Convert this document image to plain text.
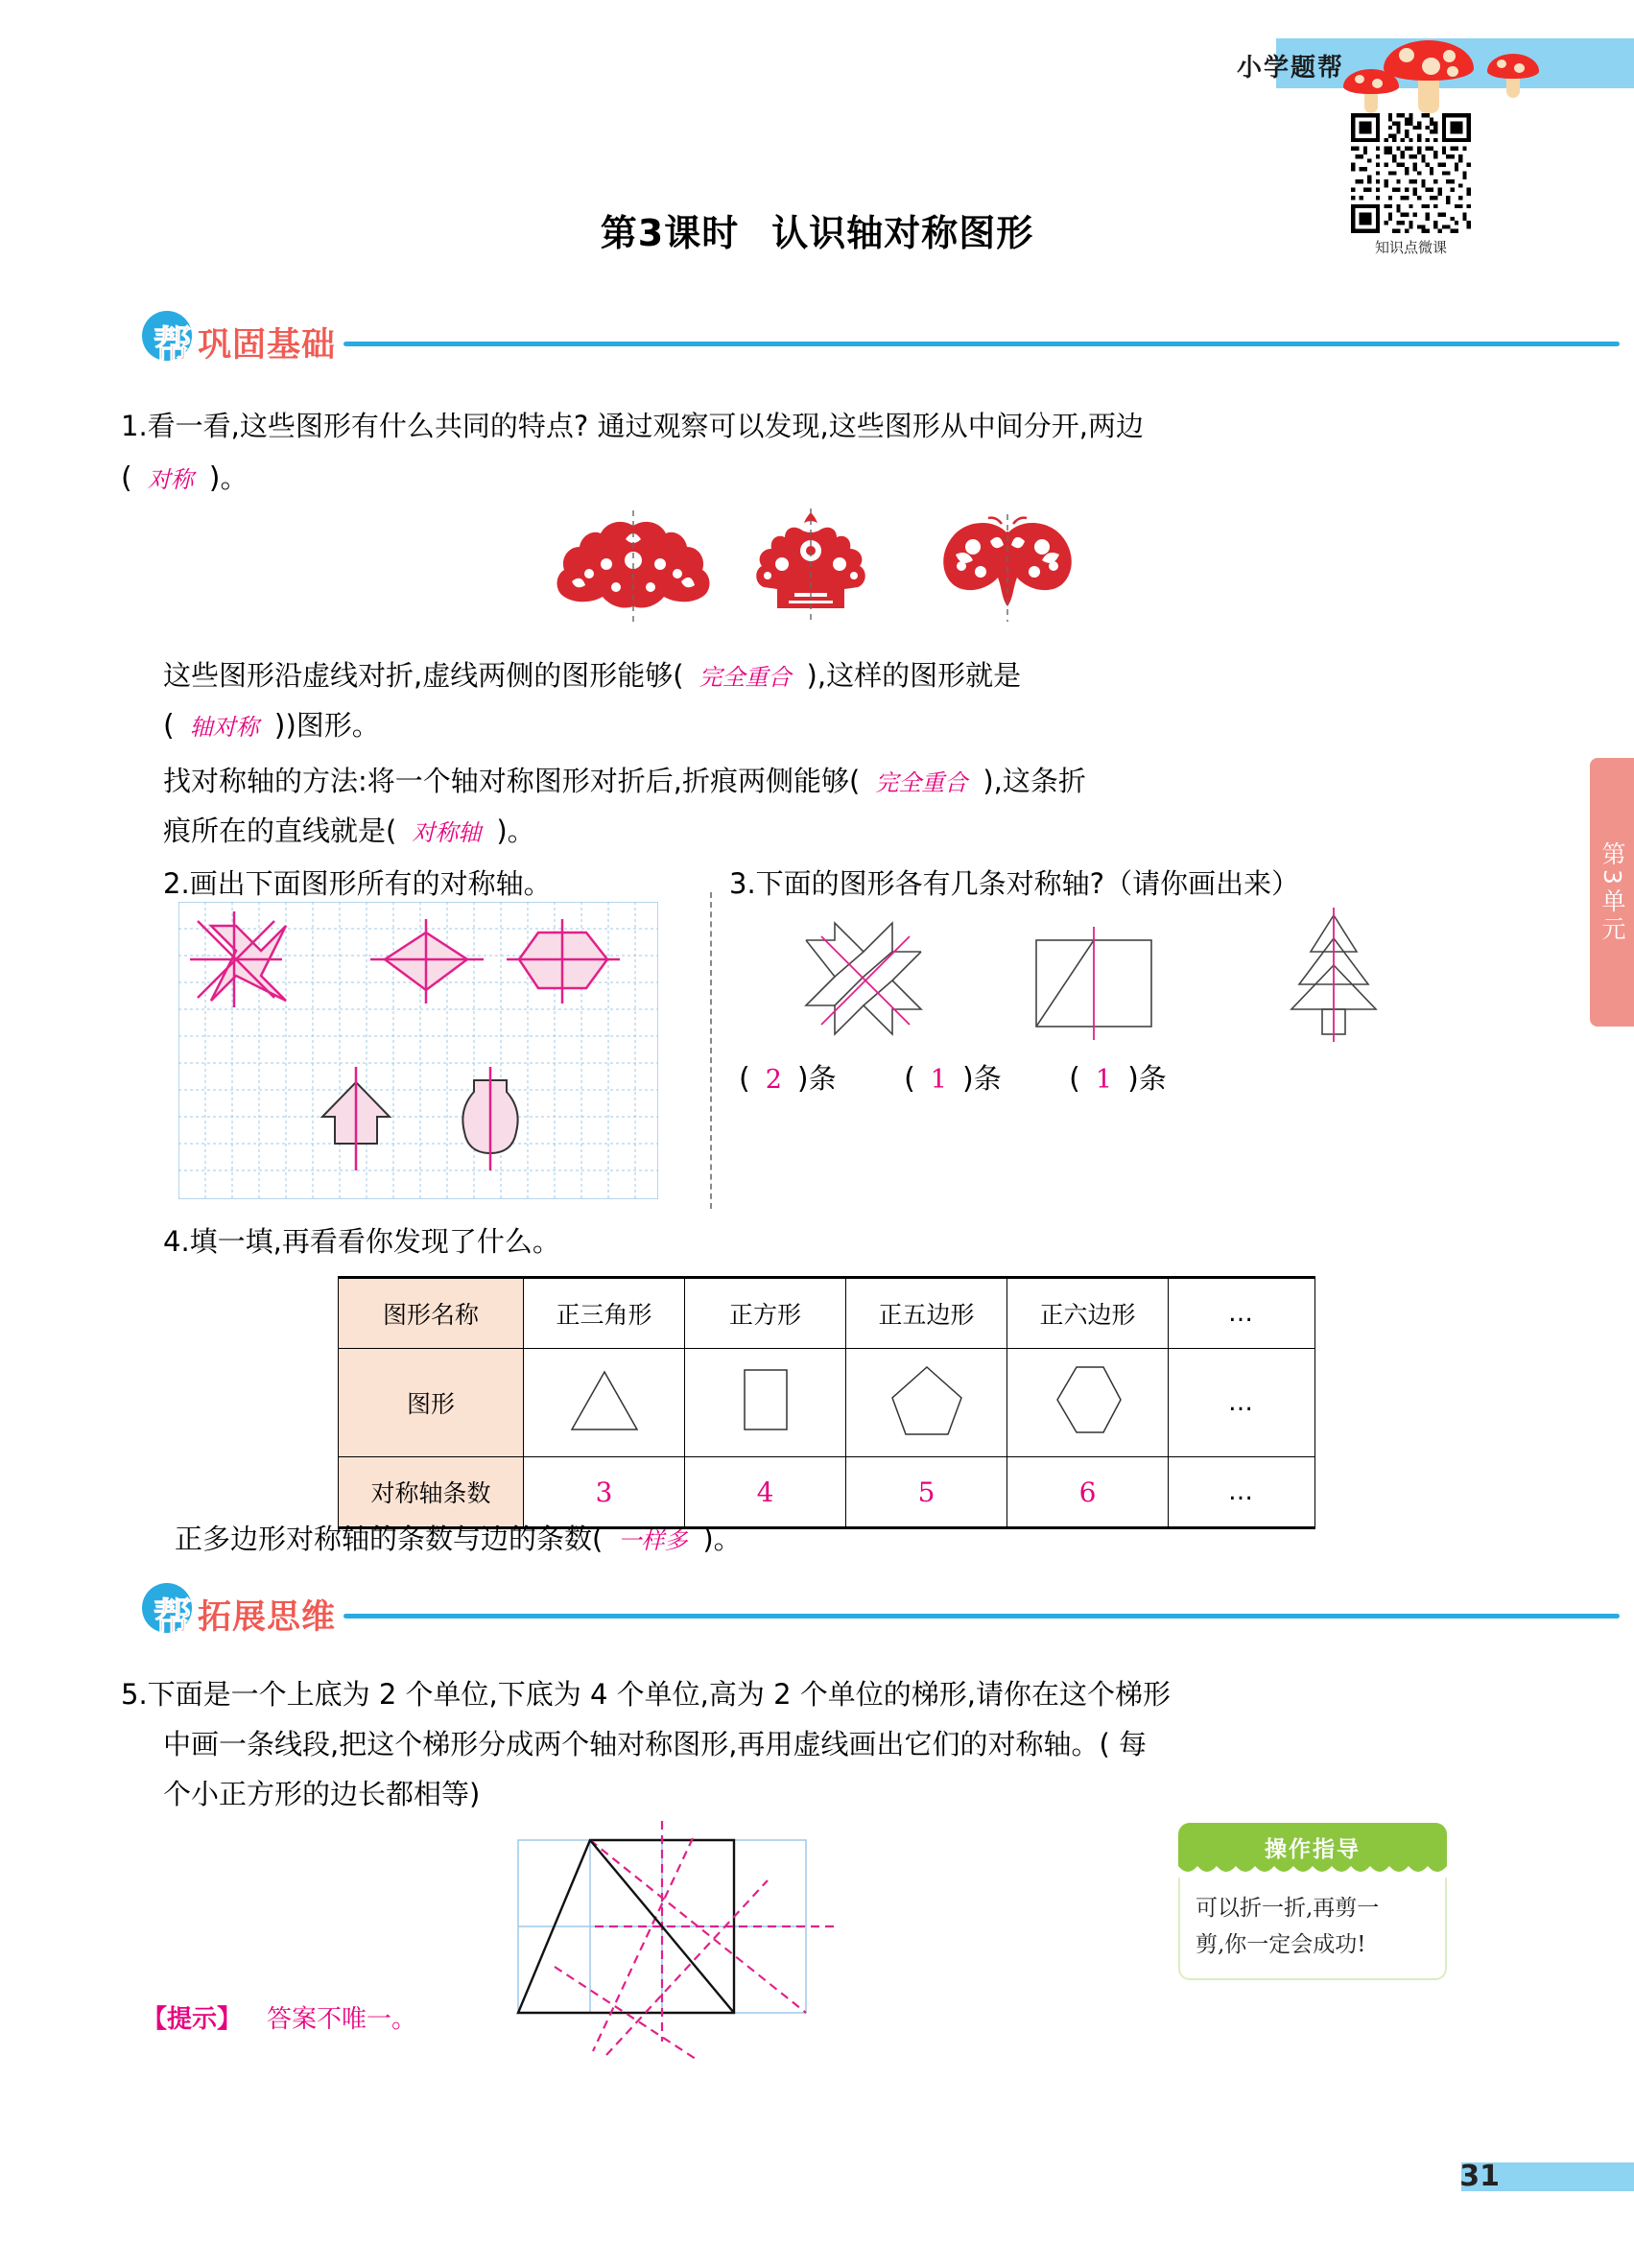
小学题帮
知识点微课
第3课时 认识轴对称图形
帮 巩固基础
1.看一看,这些图形有什么共同的特点? 通过观察可以发现,这些图形从中间分开,两边
( 对称 )。
这些图形沿虚线对折,虚线两侧的图形能够( 完全重合 ),这样的图形就是
( 轴对称 ))图形。
找对称轴的方法:将一个轴对称图形对折后,折痕两侧能够( 完全重合 ),这条折
痕所在的直线就是( 对称轴 )。
第3单元
2.画出下面图形所有的对称轴。	3.下面的图形各有几条对称轴?（请你画出来）
( 2 )条 ( 1 )条 ( 1 )条
4.填一填,再看看你发现了什么。
图形名称	正三角形	正方形	正五边形	正六边形	…
图形					…
对称轴条数	3	4	5	6	…
正多边形对称轴的条数与边的条数( 一样多 )。
帮 拓展思维
5.下面是一个上底为 2 个单位,下底为 4 个单位,高为 2 个单位的梯形,请你在这个梯形
中画一条线段,把这个梯形分成两个轴对称图形,再用虚线画出它们的对称轴。( 每
个小正方形的边长都相等)
操作指导
可以折一折,再剪一
剪,你一定会成功!
【提示】 答案不唯一。
31
